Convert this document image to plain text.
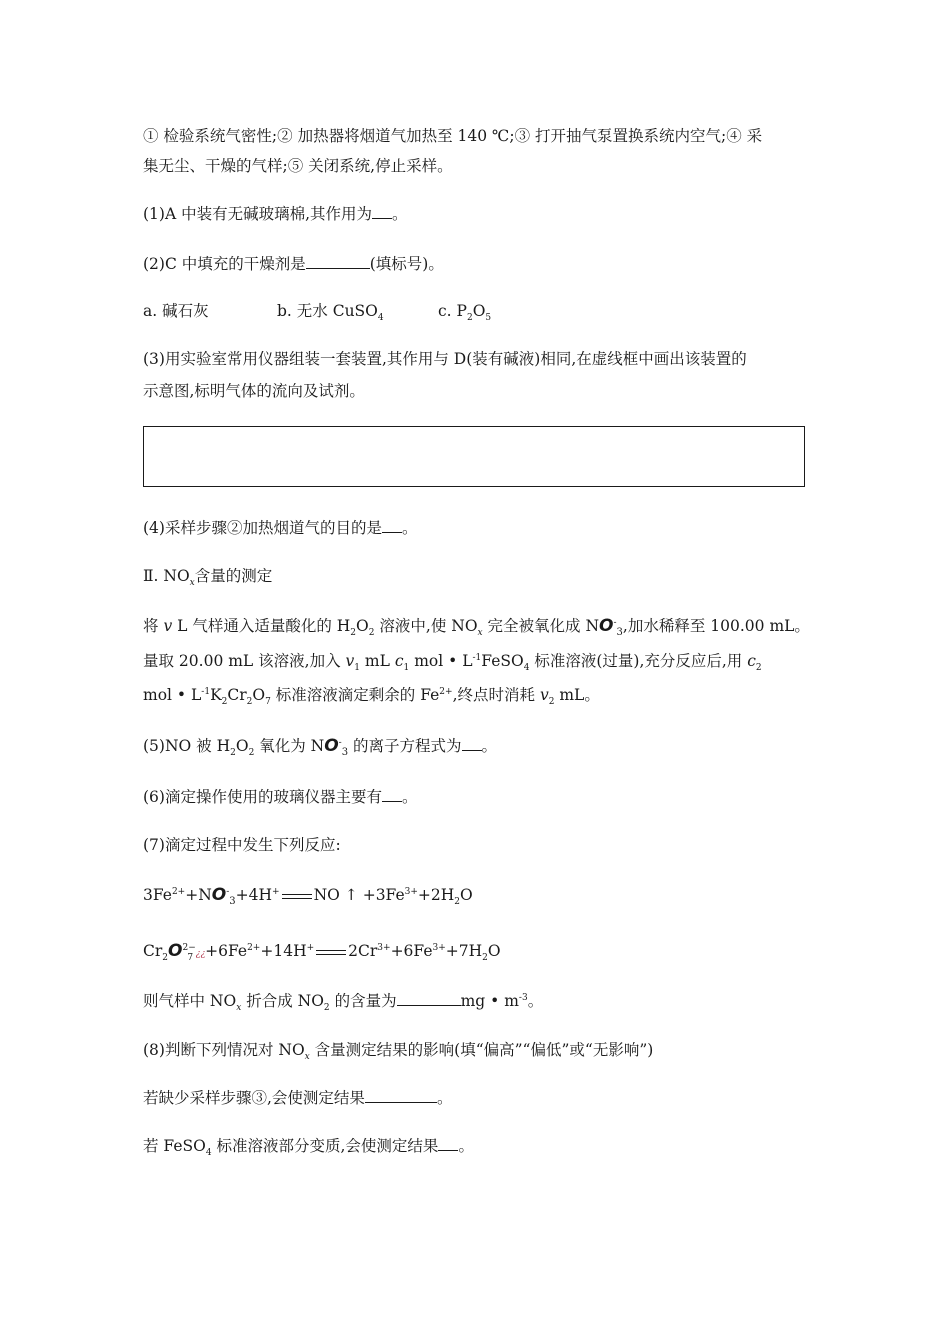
① 检验系统气密性;② 加热器将烟道气加热至 140 ℃;③ 打开抽气泵置换系统内空气;④ 采
集无尘、干燥的气样;⑤ 关闭系统,停止采样。
(1)A 中装有无碱玻璃棉,其作用为 。
(2)C 中填充的干燥剂是	(填标号)。
a. 碱石灰	b. 无水 CuSO$_4$	c. $P_2O_5$
(3)用实验室常用仪器组装一套装置,其作用与 D(装有碱液)相同,在虚线框中画出该装置的
示意图,标明气体的流向及试剂。
(4)采样步骤②加热烟道气的目的是 。
Ⅱ. $NO_x$含量的测定
将 v L 气样通入适量酸化的 $H_2O_2$ 溶液中,使 $NO_x$ 完全被氧化成 $NO^-_3$,加水稀释至 100.00 mL。
量取 20.00 mL 该溶液,加入 $v_1$ mL $c_1$ mol • $L^{-1}FeSO_4$ 标准溶液(过量),充分反应后,用 $c_2$
mol • $L^{-1}K_2Cr_2O_7$ 标准溶液滴定剩余的 $Fe^{2+}$,终点时消耗 $v_2$ mL。
(5)NO 被 $H_2O_2$ 氧化为 $NO^-_3$ 的离子方程式为 。
(6)滴定操作使用的玻璃仪器主要有 。
(7)滴定过程中发生下列反应:
$3Fe^{2+}+NO^-_3+4H^+$ NO ↑ $+3Fe^{3+}+2H_2O$
$Cr_2O^{2-}¿¿_7 +6Fe^{2+}+14H^+$ $2Cr^{3+}+6Fe^{3+}+7H_2O$
则气样中 $NO_x$ 折合成 $NO_2$ 的含量为	mg • $m^{-3}$。
(8)判断下列情况对 $NO_x$ 含量测定结果的影响(填“偏高”“偏低”或“无影响”)
若缺少采样步骤③,会使测定结果	。
若 FeSO$_4$ 标准溶液部分变质,会使测定结果 。
